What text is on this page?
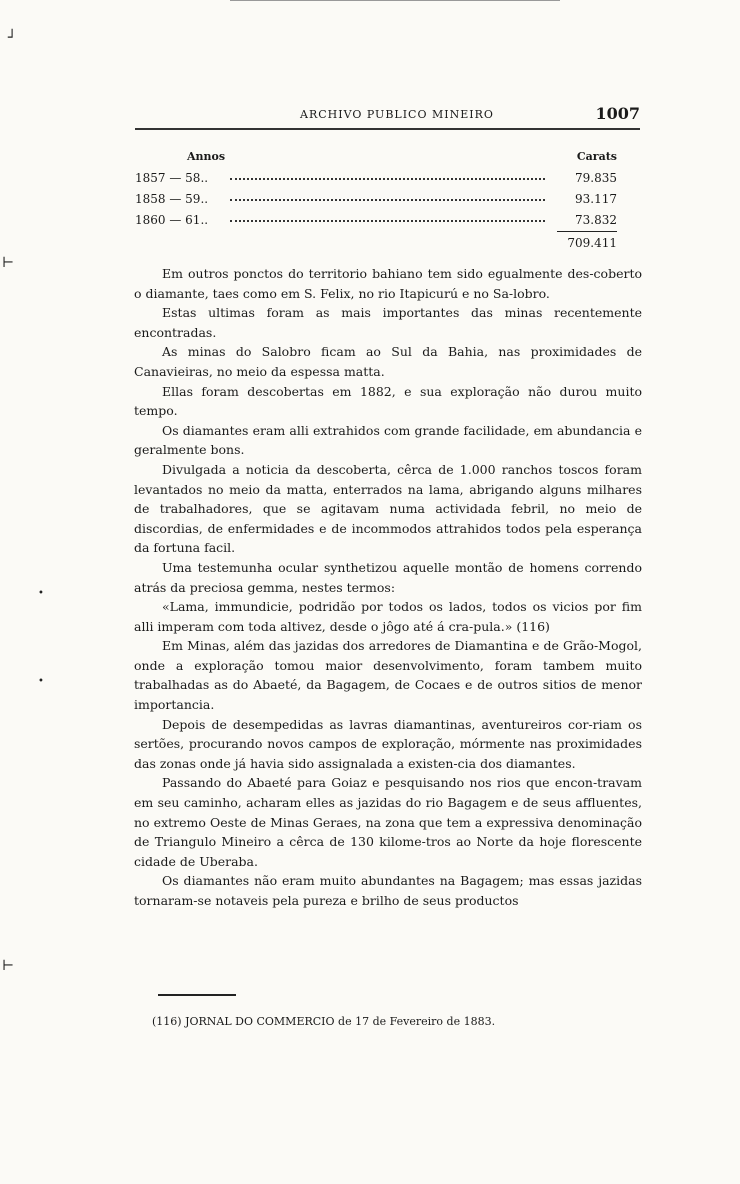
┘
⊢
•
•
⊢
ARCHIVO PUBLICO MINEIRO	1007
Annos	Carats
1857 — 58..	79.835
1858 — 59..	93.117
1860 — 61..	73.832
709.411

Em outros ponctos do territorio bahiano tem sido egualmente des-coberto o diamante, taes como em S. Felix, no rio Itapicurú e no Sa-lobro.

Estas ultimas foram as mais importantes das minas recentemente encontradas.

As minas do Salobro ficam ao Sul da Bahia, nas proximidades de Canavieiras, no meio da espessa matta.

Ellas foram descobertas em 1882, e sua exploração não durou muito tempo.

Os diamantes eram alli extrahidos com grande facilidade, em abundancia e geralmente bons.

Divulgada a noticia da descoberta, cêrca de 1.000 ranchos toscos foram levantados no meio da matta, enterrados na lama, abrigando alguns milhares de trabalhadores, que se agitavam numa actividada febril, no meio de discordias, de enfermidades e de incommodos attrahidos todos pela esperança da fortuna facil.

Uma testemunha ocular synthetizou aquelle montão de homens correndo atrás da preciosa gemma, nestes termos:

«Lama, immundicie, podridão por todos os lados, todos os vicios por fim alli imperam com toda altivez, desde o jôgo até á cra-pula.» (116)

Em Minas, além das jazidas dos arredores de Diamantina e de Grão-Mogol, onde a exploração tomou maior desenvolvimento, foram tambem muito trabalhadas as do Abaeté, da Bagagem, de Cocaes e de outros sitios de menor importancia.

Depois de desempedidas as lavras diamantinas, aventureiros cor-riam os sertões, procurando novos campos de exploração, mórmente nas proximidades das zonas onde já havia sido assignalada a existen-cia dos diamantes.

Passando do Abaeté para Goiaz e pesquisando nos rios que encon-travam em seu caminho, acharam elles as jazidas do rio Bagagem e de seus affluentes, no extremo Oeste de Minas Geraes, na zona que tem a expressiva denominação de Triangulo Mineiro a cêrca de 130 kilome-tros ao Norte da hoje florescente cidade de Uberaba.

Os diamantes não eram muito abundantes na Bagagem; mas essas jazidas tornaram-se notaveis pela pureza e brilho de seus productos

(116) JORNAL DO COMMERCIO de 17 de Fevereiro de 1883.
